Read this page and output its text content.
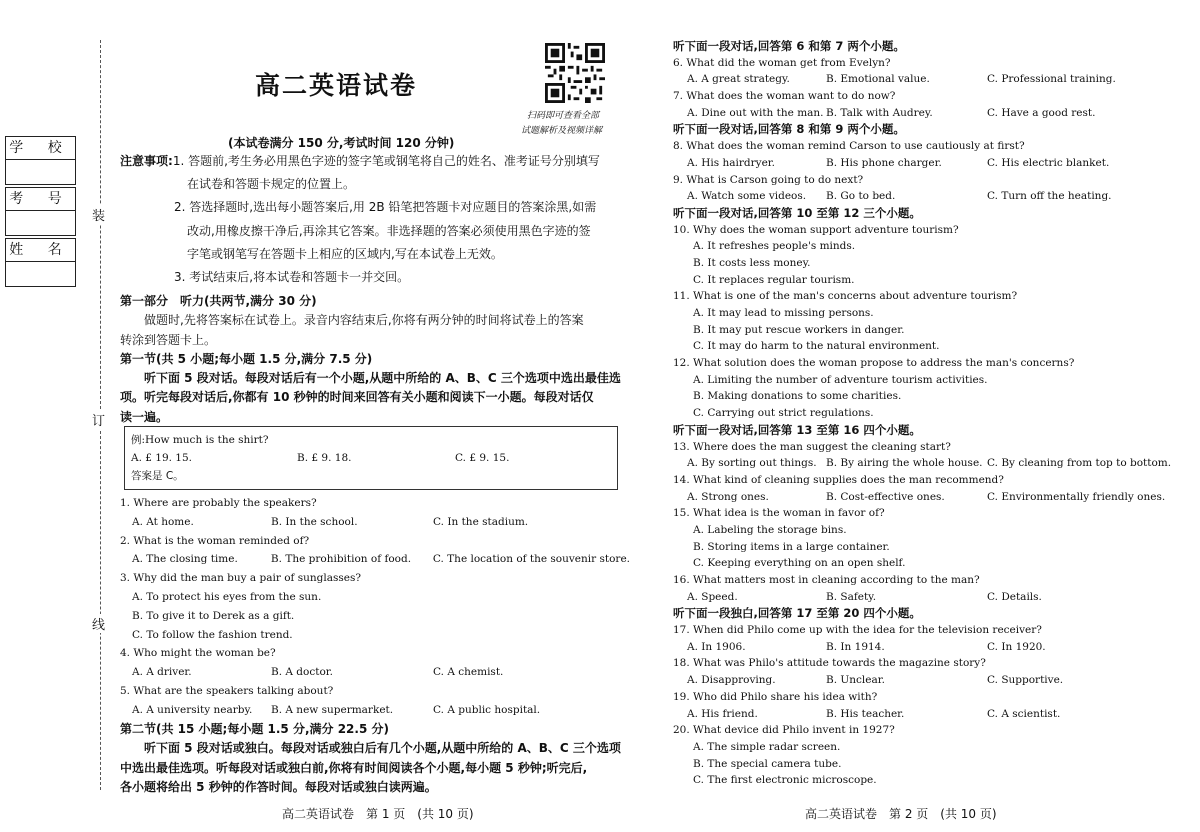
学 校
考 号
姓 名
装
订
线
高二英语试卷
扫码即可查看全部
试题解析及视频详解
(本试卷满分 150 分,考试时间 120 分钟)
注意事项:1. 答题前,考生务必用黑色字迹的签字笔或钢笔将自己的姓名、准考证号分别填写
在试卷和答题卡规定的位置上。
2. 答选择题时,选出每小题答案后,用 2B 铅笔把答题卡对应题目的答案涂黑,如需
改动,用橡皮擦干净后,再涂其它答案。非选择题的答案必须使用黑色字迹的签
字笔或钢笔写在答题卡上相应的区域内,写在本试卷上无效。
3. 考试结束后,将本试卷和答题卡一并交回。
第一部分　听力(共两节,满分 30 分)
做题时,先将答案标在试卷上。录音内容结束后,你将有两分钟的时间将试卷上的答案
转涂到答题卡上。
第一节(共 5 小题;每小题 1.5 分,满分 7.5 分)
听下面 5 段对话。每段对话后有一个小题,从题中所给的 A、B、C 三个选项中选出最佳选
项。听完每段对话后,你都有 10 秒钟的时间来回答有关小题和阅读下一小题。每段对话仅
读一遍。
例:How much is the shirt?
A. £ 19. 15.	B. £ 9. 18.	C. £ 9. 15.
答案是 C。
1. Where are probably the speakers?
A. At home.	B. In the school.	C. In the stadium.
2. What is the woman reminded of?
A. The closing time.	B. The prohibition of food.	C. The location of the souvenir store.
3. Why did the man buy a pair of sunglasses?
A. To protect his eyes from the sun.
B. To give it to Derek as a gift.
C. To follow the fashion trend.
4. Who might the woman be?
A. A driver.	B. A doctor.	C. A chemist.
5. What are the speakers talking about?
A. A university nearby.	B. A new supermarket.	C. A public hospital.
第二节(共 15 小题;每小题 1.5 分,满分 22.5 分)
听下面 5 段对话或独白。每段对话或独白后有几个小题,从题中所给的 A、B、C 三个选项
中选出最佳选项。听每段对话或独白前,你将有时间阅读各个小题,每小题 5 秒钟;听完后,
各小题将给出 5 秒钟的作答时间。每段对话或独白读两遍。
听下面一段对话,回答第 6 和第 7 两个小题。
6. What did the woman get from Evelyn?
A. A great strategy.	B. Emotional value.	C. Professional training.
7. What does the woman want to do now?
A. Dine out with the man. B. Talk with Audrey.	C. Have a good rest.
听下面一段对话,回答第 8 和第 9 两个小题。
8. What does the woman remind Carson to use cautiously at first?
A. His hairdryer.	B. His phone charger.	C. His electric blanket.
9. What is Carson going to do next?
A. Watch some videos.	B. Go to bed.	C. Turn off the heating.
听下面一段对话,回答第 10 至第 12 三个小题。
10. Why does the woman support adventure tourism?
A. It refreshes people's minds.
B. It costs less money.
C. It replaces regular tourism.
11. What is one of the man's concerns about adventure tourism?
A. It may lead to missing persons.
B. It may put rescue workers in danger.
C. It may do harm to the natural environment.
12. What solution does the woman propose to address the man's concerns?
A. Limiting the number of adventure tourism activities.
B. Making donations to some charities.
C. Carrying out strict regulations.
听下面一段对话,回答第 13 至第 16 四个小题。
13. Where does the man suggest the cleaning start?
A. By sorting out things. B. By airing the whole house. C. By cleaning from top to bottom.
14. What kind of cleaning supplies does the man recommend?
A. Strong ones.	B. Cost-effective ones.	C. Environmentally friendly ones.
15. What idea is the woman in favor of?
A. Labeling the storage bins.
B. Storing items in a large container.
C. Keeping everything on an open shelf.
16. What matters most in cleaning according to the man?
A. Speed.	B. Safety.	C. Details.
听下面一段独白,回答第 17 至第 20 四个小题。
17. When did Philo come up with the idea for the television receiver?
A. In 1906.	B. In 1914.	C. In 1920.
18. What was Philo's attitude towards the magazine story?
A. Disapproving.	B. Unclear.	C. Supportive.
19. Who did Philo share his idea with?
A. His friend.	B. His teacher.	C. A scientist.
20. What device did Philo invent in 1927?
A. The simple radar screen.
B. The special camera tube.
C. The first electronic microscope.
高二英语试卷　第 1 页　(共 10 页)	高二英语试卷　第 2 页　(共 10 页)
